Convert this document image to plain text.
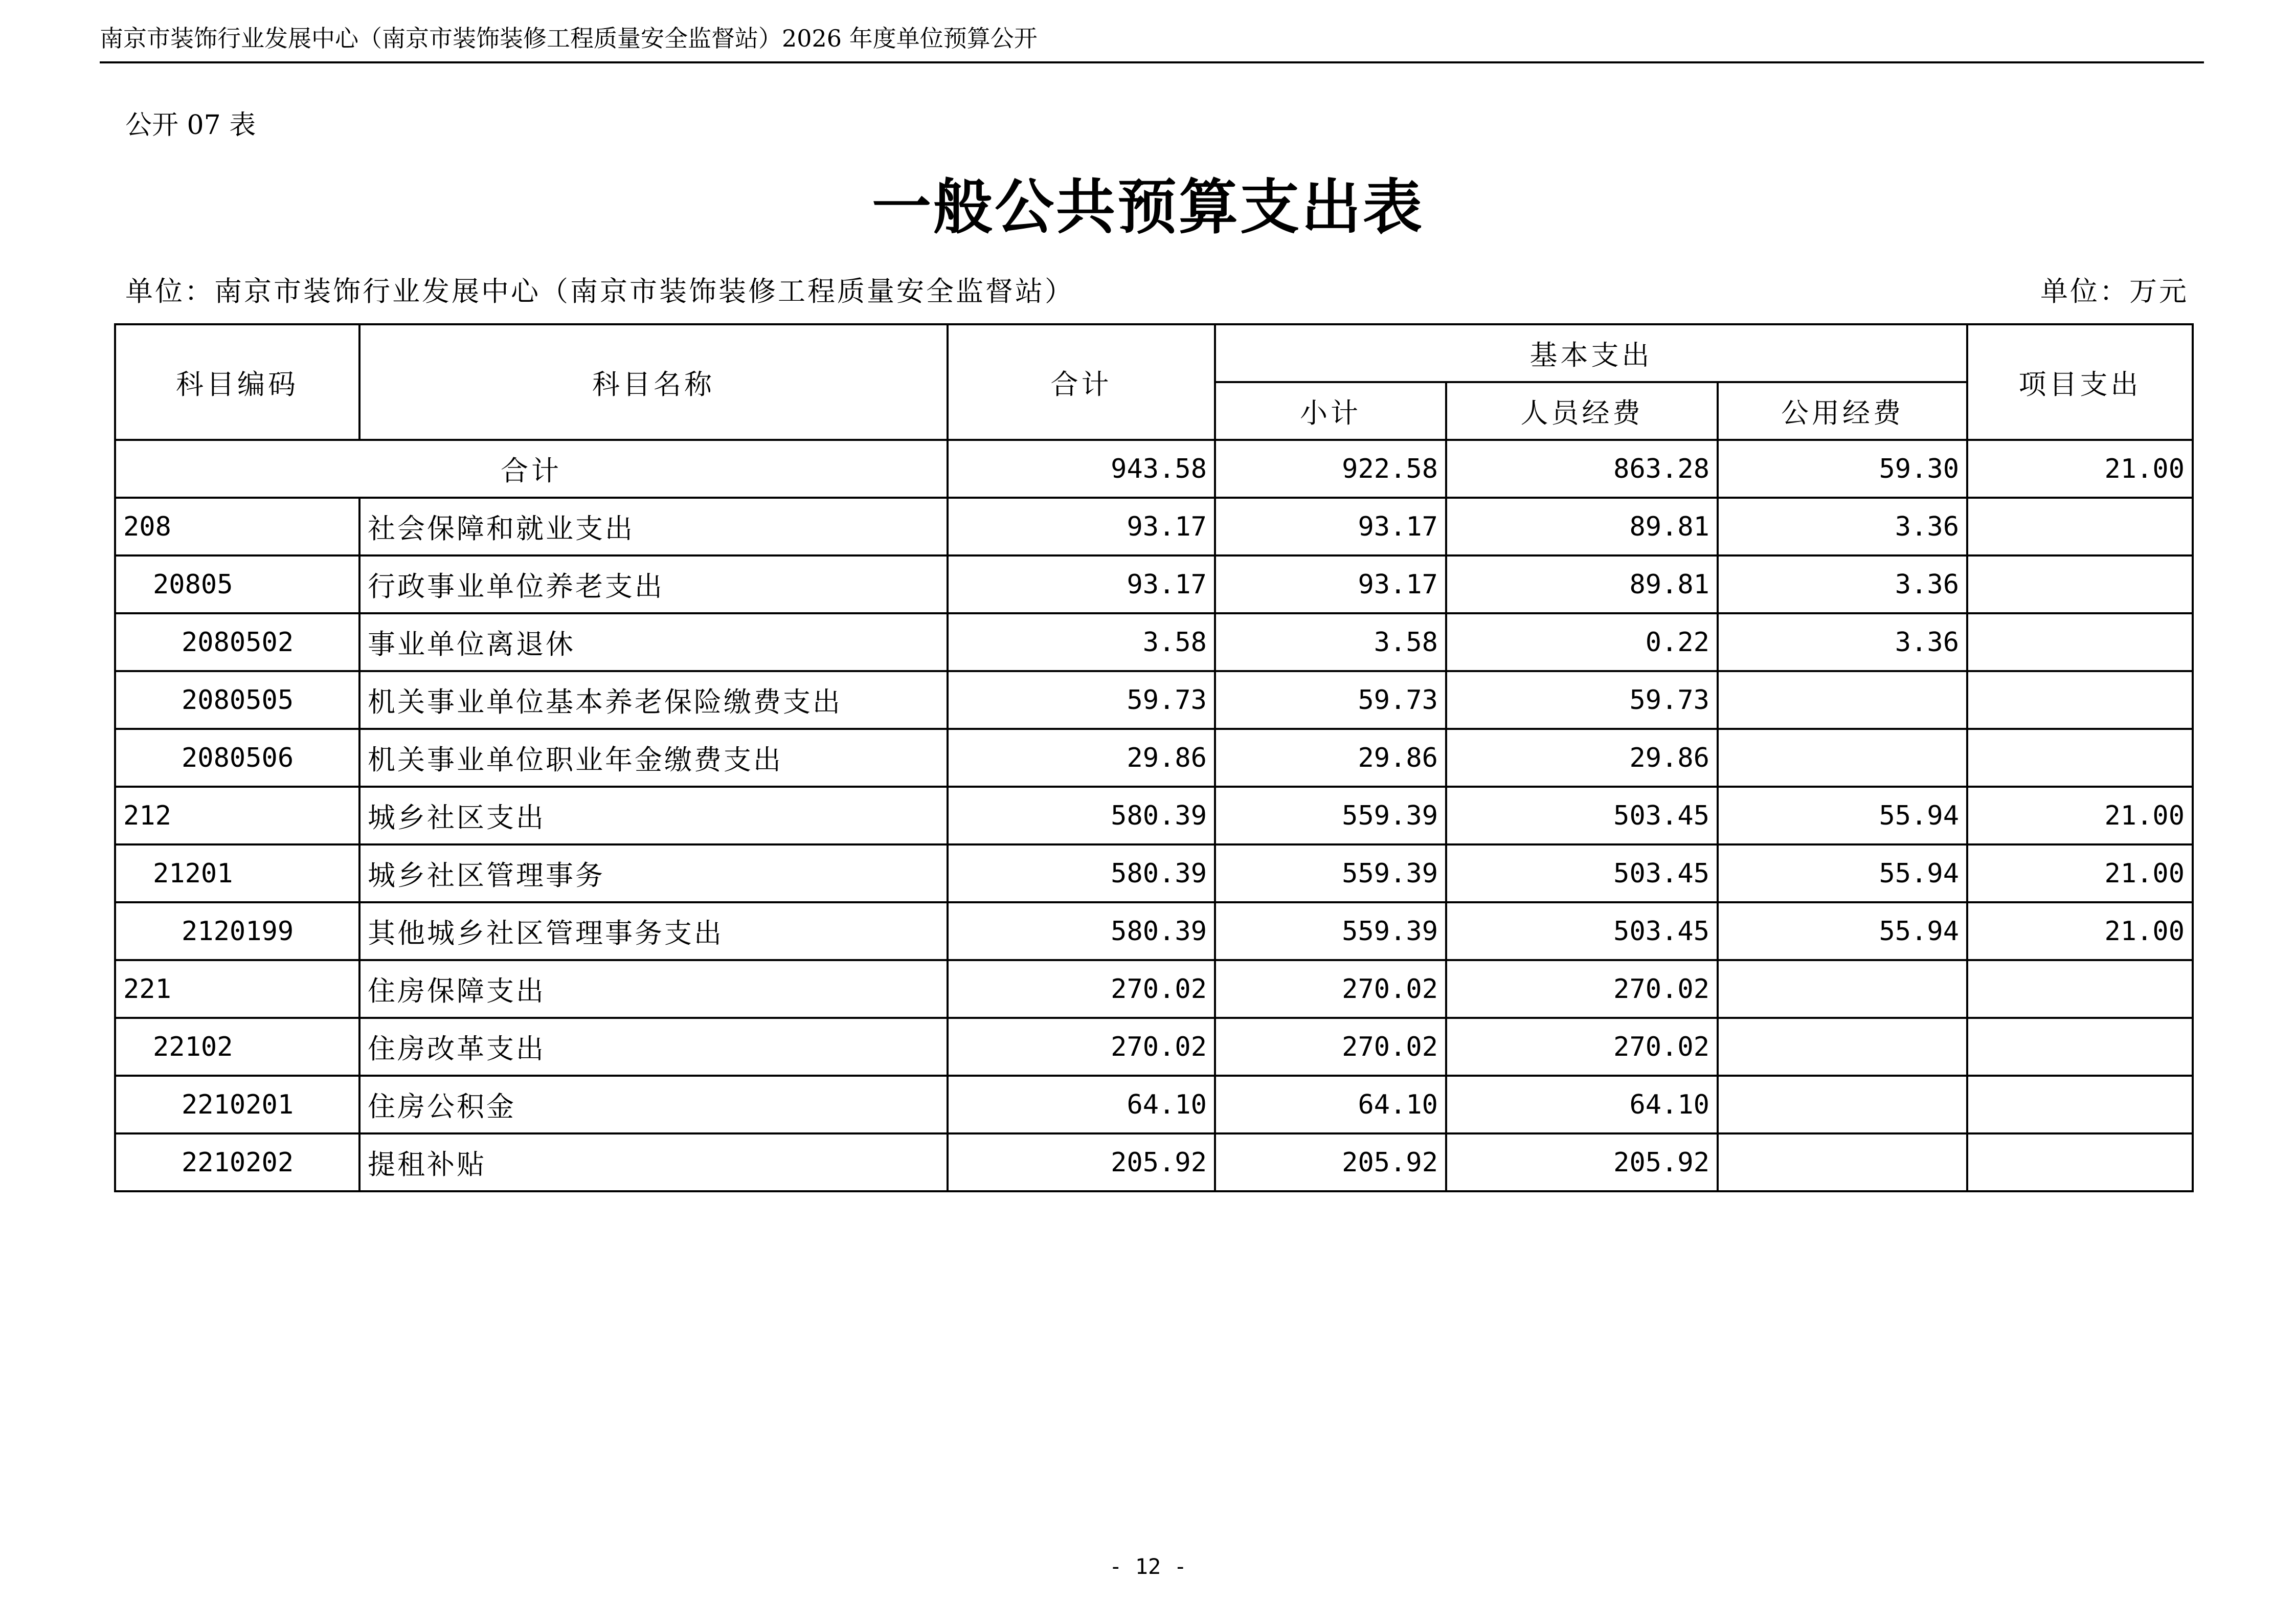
南京市装饰行业发展中心（南京市装饰装修工程质量安全监督站）2026 年度单位预算公开
公开 07 表
一般公共预算支出表
单位：南京市装饰行业发展中心（南京市装饰装修工程质量安全监督站）	单位：万元
科目编码	科目名称	合计	基本支出			项目支出
			小计	人员经费	公用经费	
合计		943.58	922.58	863.28	59.30	21.00
208	社会保障和就业支出	93.17	93.17	89.81	3.36	
20805	行政事业单位养老支出	93.17	93.17	89.81	3.36	
2080502	事业单位离退休	3.58	3.58	0.22	3.36	
2080505	机关事业单位基本养老保险缴费支出	59.73	59.73	59.73		
2080506	机关事业单位职业年金缴费支出	29.86	29.86	29.86		
212	城乡社区支出	580.39	559.39	503.45	55.94	21.00
21201	城乡社区管理事务	580.39	559.39	503.45	55.94	21.00
2120199	其他城乡社区管理事务支出	580.39	559.39	503.45	55.94	21.00
221	住房保障支出	270.02	270.02	270.02		
22102	住房改革支出	270.02	270.02	270.02		
2210201	住房公积金	64.10	64.10	64.10		
2210202	提租补贴	205.92	205.92	205.92		
- 12 -
